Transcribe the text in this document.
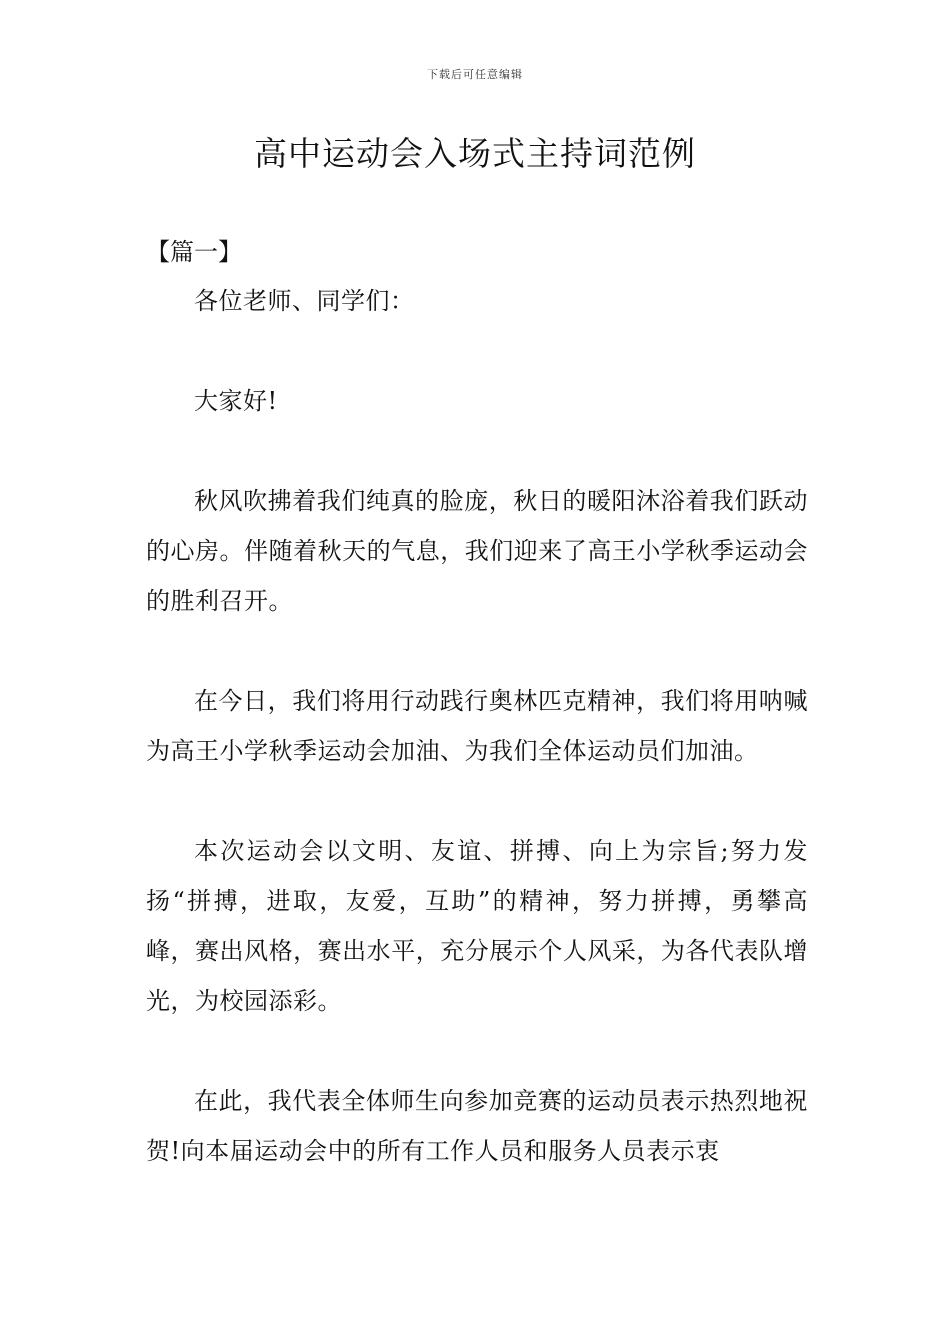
下载后可任意编辑
高中运动会入场式主持词范例
【篇一】

各位老师、同学们：

大家好!

秋风吹拂着我们纯真的脸庞，秋日的暖阳沐浴着我们跃动的心房。伴随着秋天的气息，我们迎来了高王小学秋季运动会的胜利召开。

在今日，我们将用行动践行奥林匹克精神，我们将用呐喊为高王小学秋季运动会加油、为我们全体运动员们加油。

本次运动会以文明、友谊、拼搏、向上为宗旨;努力发扬“拼搏，进取，友爱，互助”的精神，努力拼搏，勇攀高峰，赛出风格，赛出水平，充分展示个人风采，为各代表队增光，为校园添彩。

在此，我代表全体师生向参加竞赛的运动员表示热烈地祝贺!向本届运动会中的所有工作人员和服务人员表示衷
